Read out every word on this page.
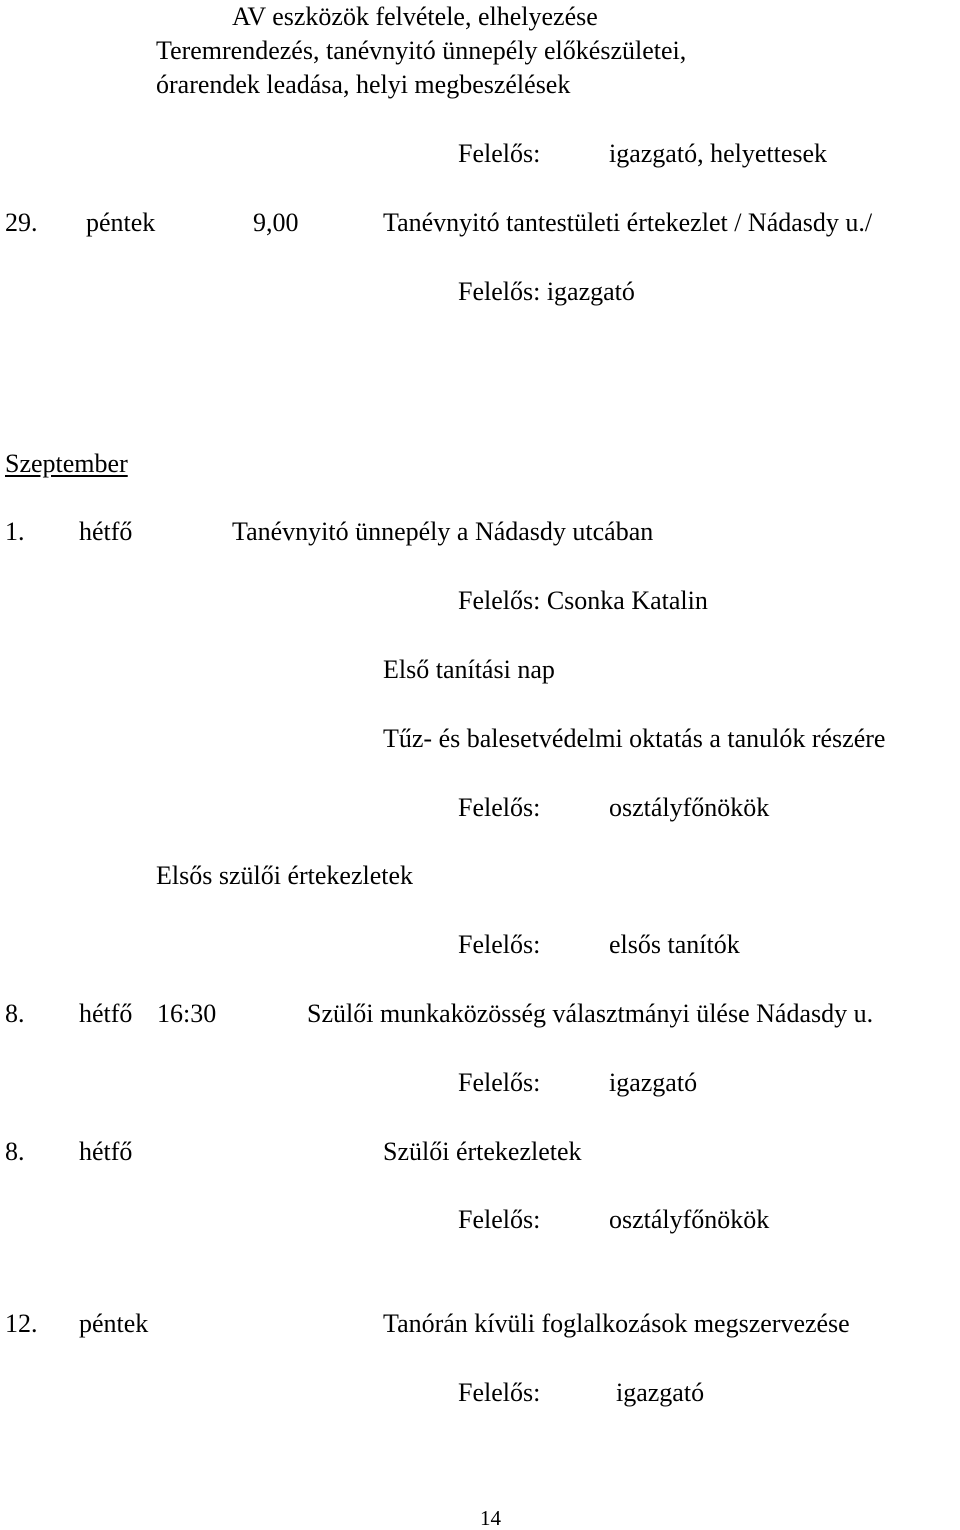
AV eszközök felvétele, elhelyezése
Teremrendezés, tanévnyitó ünnepély előkészületei,
órarendek leadása, helyi megbeszélések
Felelős:	igazgató, helyettesek
29. péntek	9,00	Tanévnyitó tantestületi értekezlet / Nádasdy u./
Felelős: igazgató
Szeptember
1. hétfő	Tanévnyitó ünnepély a Nádasdy utcában
Felelős: Csonka Katalin
Első tanítási nap
Tűz- és balesetvédelmi oktatás a tanulók részére
Felelős:	osztályfőnökök
Elsős szülői értekezletek
Felelős:	elsős tanítók
8. hétfő 16:30	Szülői munkaközösség választmányi ülése Nádasdy u.
Felelős:	igazgató
8. hétfő	Szülői értekezletek
Felelős:	osztályfőnökök
12. péntek	Tanórán kívüli foglalkozások megszervezése
Felelős:	igazgató
14
